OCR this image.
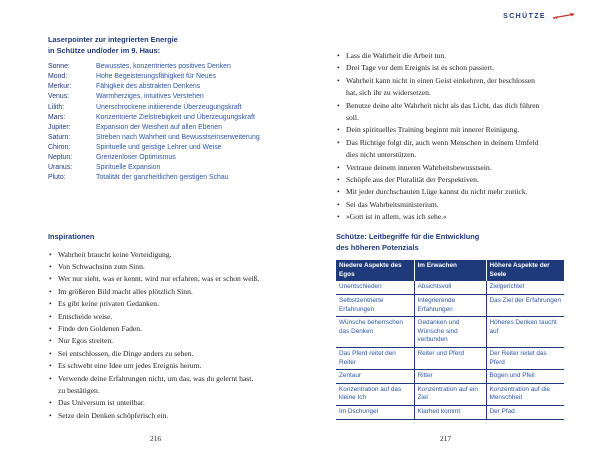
Laserpointer zur integrierten Energie
in Schütze und/oder im 9. Haus:
Sonne:	Bewusstes, konzentriertes positives Denken
Mond:	Hohe Begeisterungsfähigkeit für Neues
Merkur:	Fähigkeit des abstrakten Denkens
Venus:	Warmherziges, intuitives Verstehen
Lilith:	Unerschrockene initiierende Überzeugungskraft
Mars:	Konzentrierte Zielstrebigkeit und Überzeugungskraft
Jupiter:	Expansion der Weisheit auf allen Ebenen
Saturn:	Streben nach Wahrheit und Bewusstseinserweiterung
Chiron:	Spirituelle und geistige Lehrer und Weise
Neptun:	Grenzenloser Optimismus
Uranus:	Spirituelle Expansion
Pluto:	Totalität der ganzheitlichen geistigen Schau
Inspirationen
• Wahrheit braucht keine Verteidigung.
• Von Schwachsinn zum Sinn.
• Wer nur sieht, was er kennt, wird nur erfahren, was er schon weiß.
• Im größeren Bild macht alles plötzlich Sinn.
• Es gibt keine privaten Gedanken.
• Entscheide weise.
• Finde den Goldenen Faden.
• Nur Egos streiten.
• Sei entschlossen, die Dinge anders zu sehen.
• Es schwebt eine Idee um jedes Ereignis herum.
• Verwende deine Erfahrungen nicht, um das, was du gelernt hast,
zu bestätigen.
• Das Universum ist unteilbar.
• Setze dein Denken schöpferisch ein.
216
SCHÜTZE
• Lass die Wahrheit die Arbeit tun.
• Drei Tage vor dem Ereignis ist es schon passiert.
• Wahrheit kann nicht in einen Geist einkehren, der beschlossen
hat, sich ihr zu widersetzen.
• Benutze deine alte Wahrheit nicht als das Licht, das dich führen
soll.
• Dein spirituelles Training beginnt mit innerer Reinigung.
• Das Richtige folgt dir, auch wenn Menschen in deinem Umfeld
dies nicht unterstützen.
• Vertraue deinem inneren Wahrheitsbewusstsein.
• Schöpfe aus der Pluralität der Perspektiven.
• Mit jeder durchschauten Lüge kannst du nicht mehr zurück.
• Sei das Wahrheitsministerium.
• »Gott ist in allem, was ich sehe.«
Schütze: Leitbegriffe für die Entwicklung
des höheren Potenzials
Niedere Aspekte des Egos	Im Erwachen	Höhere Aspekte der Seele
Unentschieden	Absichtsvoll	Zielgerichtet
Selbstzentrierte Erfahrungen	Integrierende Erfahrungen	Das Ziel der Erfahrungen
Wünsche beherrschen das Denken	Gedanken und Wünsche sind verbunden	Höheres Denken taucht auf
Das Pferd reitet den Reiter	Reiter und Pferd	Der Reiter reitet das Pferd
Zentaur	Ritter	Bogen und Pfeil
Konzentration auf das kleine Ich	Konzentration auf ein Ziel	Konzentration auf die Menschheit
Im Dschungel	Klarheit kommt	Der Pfad
217
